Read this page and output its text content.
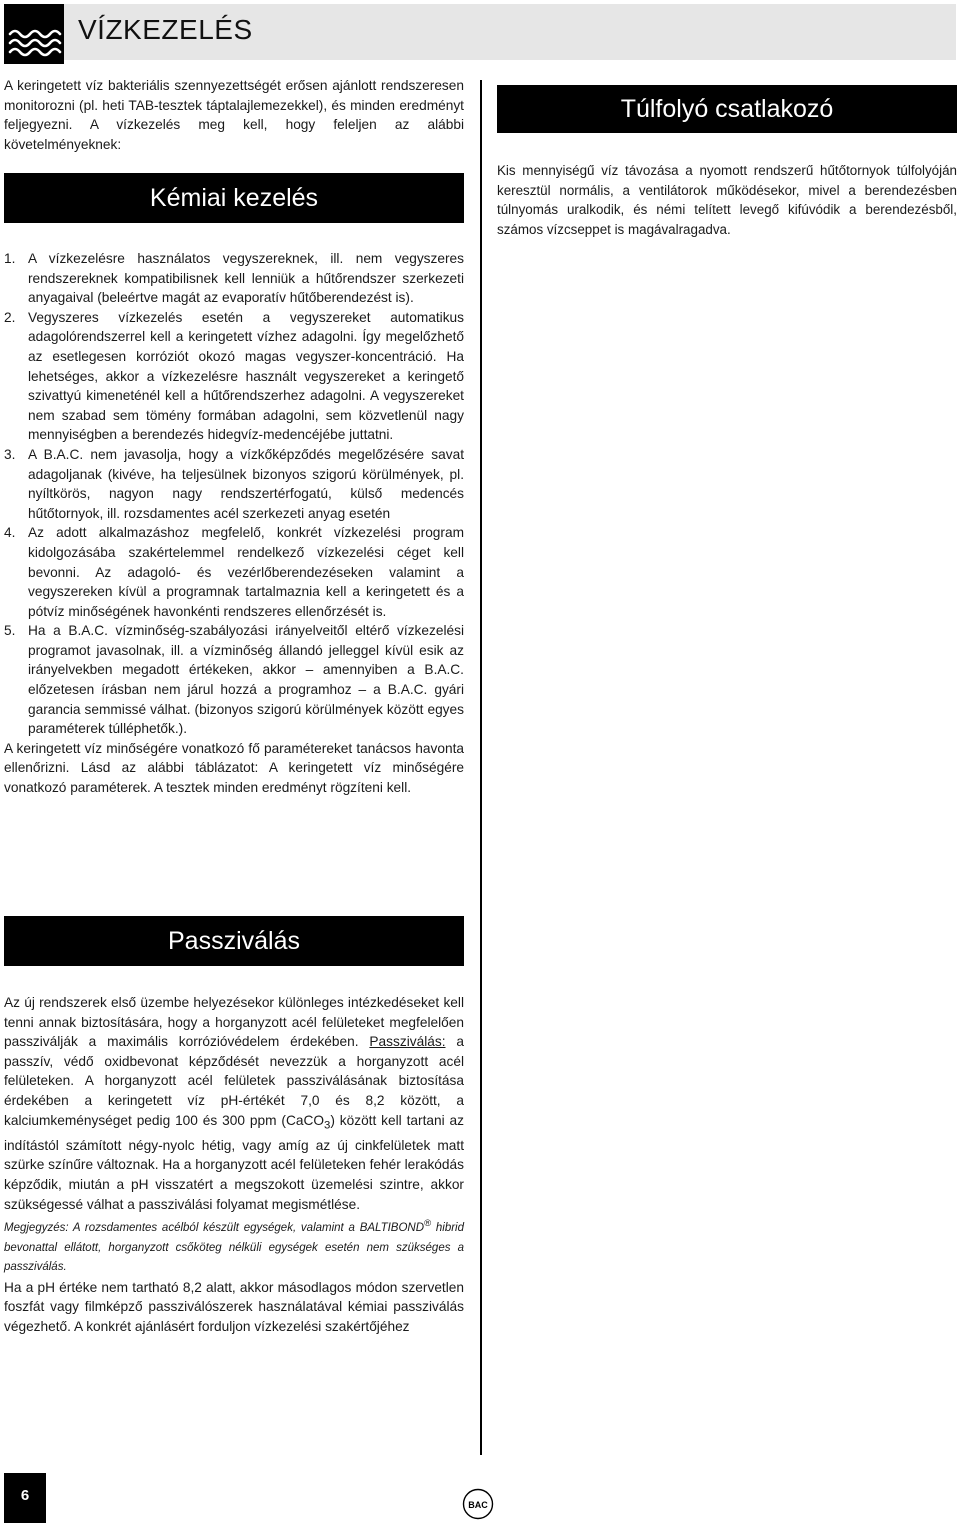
VÍZKEZELÉS
A keringetett víz bakteriális szennyezettségét erősen ajánlott rendszeresen monitorozni (pl. heti TAB-tesztek táptalajlemezekkel), és minden eredményt feljegyezni. A vízkezelés meg kell, hogy feleljen az alábbi követelményeknek:
Kémiai kezelés
1. A vízkezelésre használatos vegyszereknek, ill. nem vegyszeres rendszereknek kompatibilisnek kell lenniük a hűtőrendszer szerkezeti anyagaival (beleértve magát az evaporatív hűtőberendezést is).
2. Vegyszeres vízkezelés esetén a vegyszereket automatikus adagolórendszerrel kell a keringetett vízhez adagolni. Így megelőzhető az esetlegesen korróziót okozó magas vegyszer-koncentráció. Ha lehetséges, akkor a vízkezelésre használt vegyszereket a keringető szivattyú kimeneténél kell a hűtőrendszerhez adagolni. A vegyszereket nem szabad sem tömény formában adagolni, sem közvetlenül nagy mennyiségben a berendezés hidegvíz-medencéjébe juttatni.
3. A B.A.C. nem javasolja, hogy a vízkőképződés megelőzésére savat adagoljanak (kivéve, ha teljesülnek bizonyos szigorú körülmények, pl. nyíltkörös, nagyon nagy rendszertérfogatú, külső medencés hűtőtornyok, ill. rozsdamentes acél szerkezeti anyag esetén
4. Az adott alkalmazáshoz megfelelő, konkrét vízkezelési program kidolgozásába szakértelemmel rendelkező vízkezelési céget kell bevonni. Az adagoló- és vezérlőberendezéseken valamint a vegyszereken kívül a programnak tartalmaznia kell a keringetett és a pótvíz minőségének havonkénti rendszeres ellenőrzését is.
5. Ha a B.A.C. vízminőség-szabályozási irányelveitől eltérő vízkezelési programot javasolnak, ill. a vízminőség állandó jelleggel kívül esik az irányelvekben megadott értékeken, akkor – amennyiben a B.A.C. előzetesen írásban nem járul hozzá a programhoz – a B.A.C. gyári garancia semmissé válhat. (bizonyos szigorú körülmények között egyes paraméterek túlléphetők.).
A keringetett víz minőségére vonatkozó fő paramétereket tanácsos havonta ellenőrizni. Lásd az alábbi táblázatot: A keringetett víz minőségére vonatkozó paraméterek. A tesztek minden eredményt rögzíteni kell.
Túlfolyó csatlakozó
Kis mennyiségű víz távozása a nyomott rendszerű hűtőtornyok túlfolyóján keresztül normális, a ventilátorok működésekor, mivel a berendezésben túlnyomás uralkodik, és némi telített levegő kifúvódik a berendezésből, számos vízcseppet is magávalragadva.
Passziválás

Az új rendszerek első üzembe helyezésekor különleges intézkedéseket kell tenni annak biztosítására, hogy a horganyzott acél felületeket megfelelően passziválják a maximális korrózióvédelem érdekében. Passziválás: a passzív, védő oxidbevonat képződését nevezzük a horganyzott acél felületeken. A horganyzott acél felületek passziválásának biztosítása érdekében a keringetett víz pH-értékét 7,0 és 8,2 között, a kalciumkeménységet pedig 100 és 300 ppm (CaCO$_3$) között kell tartani az indítástól számított négy-nyolc hétig, vagy amíg az új cinkfelületek matt szürke színűre változnak. Ha a horganyzott acél felületeken fehér lerakódás képződik, miután a pH visszatért a megszokott üzemelési szintre, akkor szükségessé válhat a passziválási folyamat megismétlése.

Megjegyzés: A rozsdamentes acélból készült egységek, valamint a BALTIBOND® hibrid bevonattal ellátott, horganyzott csőköteg nélküli egységek esetén nem szükséges a passziválás.

Ha a pH értéke nem tartható 8,2 alatt, akkor másodlagos módon szervetlen foszfát vagy filmképző passziválószerek használatával kémiai passziválás végezhető. A konkrét ajánlásért forduljon vízkezelési szakértőjéhez

6
BAC
